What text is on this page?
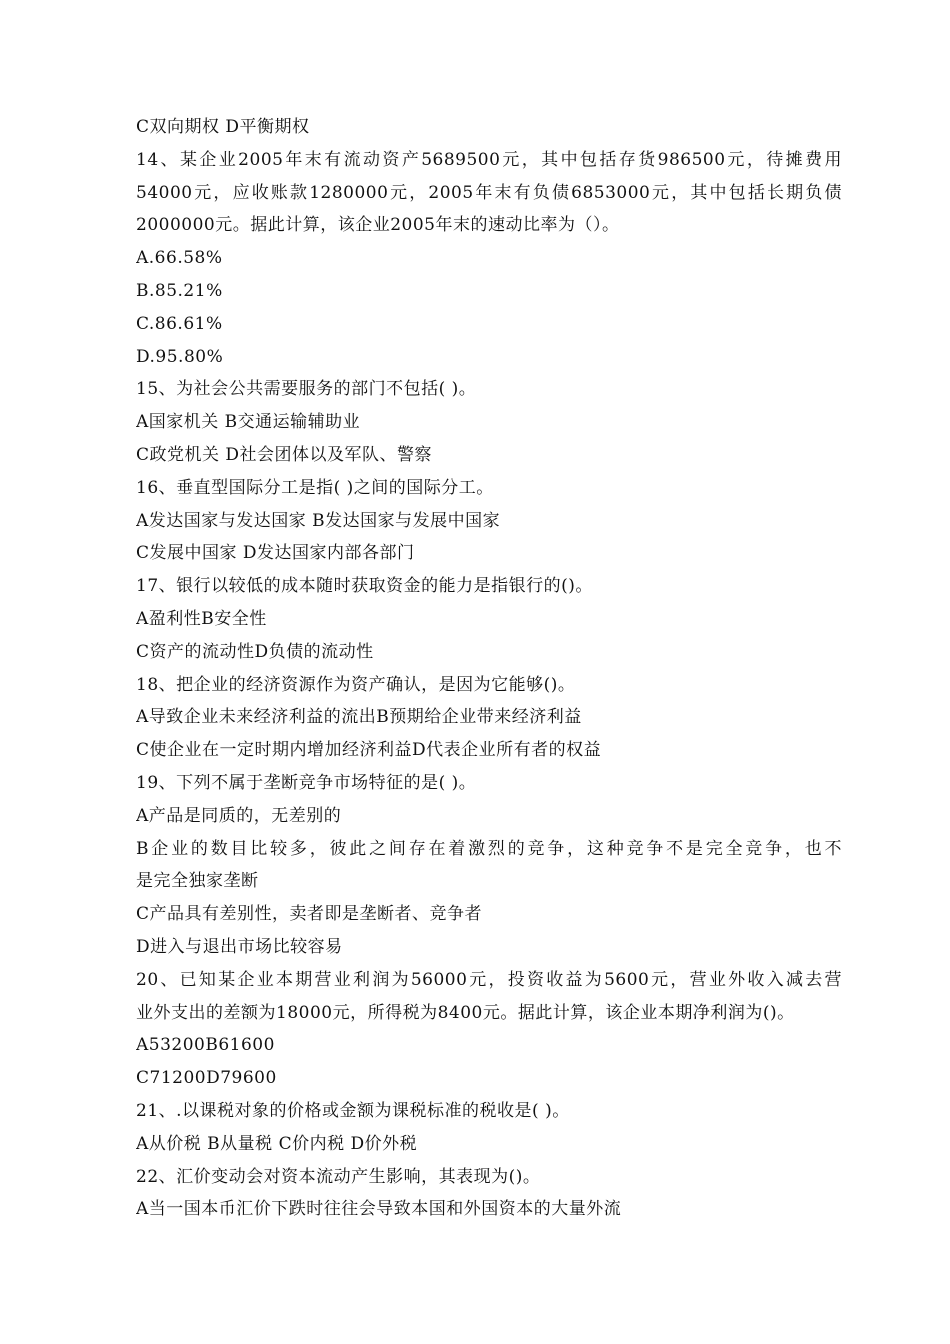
C双向期权 D平衡期权
14、某企业2005年末有流动资产5689500元，其中包括存货986500元，待摊费用
54000元，应收账款1280000元，2005年末有负债6853000元，其中包括长期负债
2000000元。据此计算，该企业2005年末的速动比率为（）。
A.66.58%
B.85.21%
C.86.61%
D.95.80%
15、为社会公共需要服务的部门不包括( )。
A国家机关 B交通运输辅助业
C政党机关 D社会团体以及军队、警察
16、垂直型国际分工是指( )之间的国际分工。
A发达国家与发达国家 B发达国家与发展中国家
C发展中国家 D发达国家内部各部门
17、银行以较低的成本随时获取资金的能力是指银行的()。
A盈利性B安全性
C资产的流动性D负债的流动性
18、把企业的经济资源作为资产确认，是因为它能够()。
A导致企业未来经济利益的流出B预期给企业带来经济利益
C使企业在一定时期内增加经济利益D代表企业所有者的权益
19、下列不属于垄断竞争市场特征的是( )。
A产品是同质的，无差别的
B企业的数目比较多，彼此之间存在着激烈的竞争，这种竞争不是完全竞争，也不
是完全独家垄断
C产品具有差别性，卖者即是垄断者、竞争者
D进入与退出市场比较容易
20、已知某企业本期营业利润为56000元，投资收益为5600元，营业外收入减去营
业外支出的差额为18000元，所得税为8400元。据此计算，该企业本期净利润为()。
A53200B61600
C71200D79600
21、.以课税对象的价格或金额为课税标准的税收是( )。
A从价税 B从量税 C价内税 D价外税
22、汇价变动会对资本流动产生影响，其表现为()。
A当一国本币汇价下跌时往往会导致本国和外国资本的大量外流
